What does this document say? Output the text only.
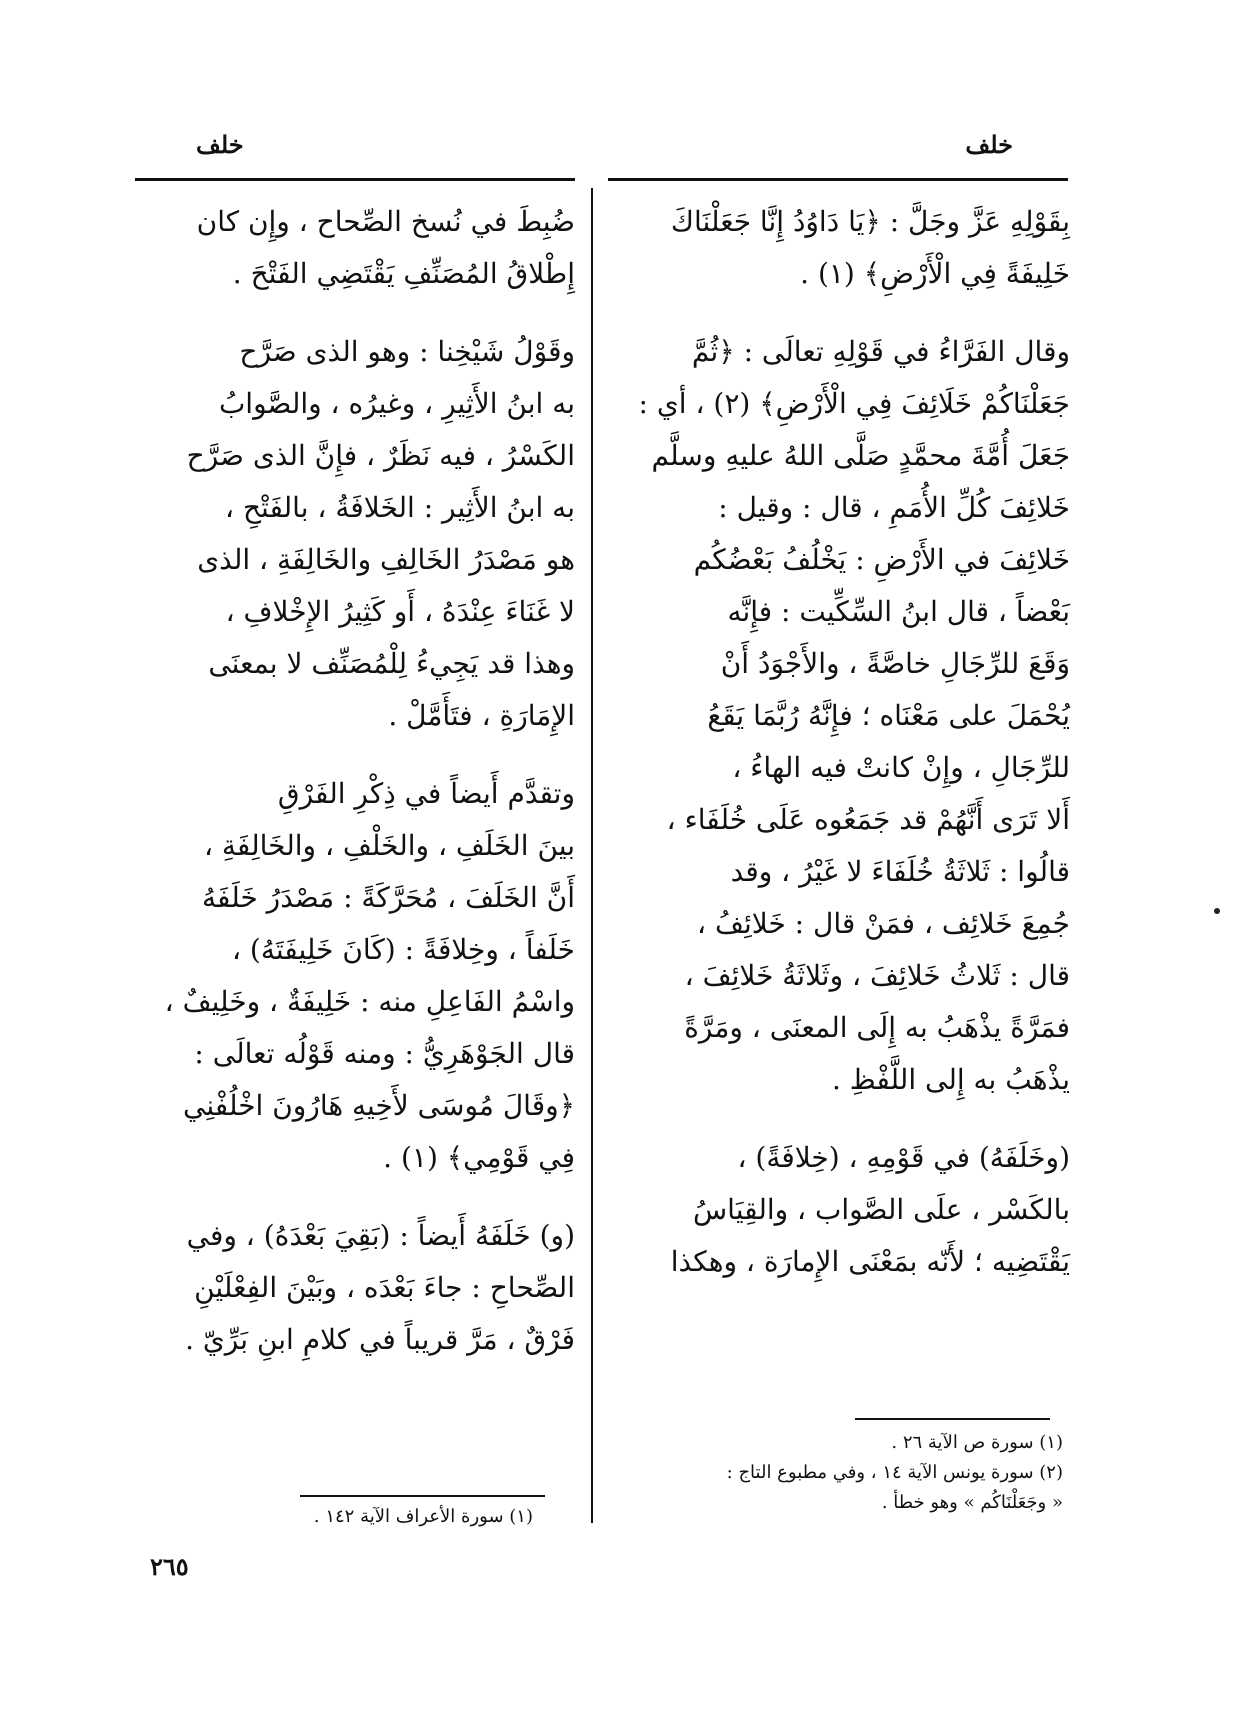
خلف
خلف
بِقَوْلِهِ عَزَّ وجَلَّ : ﴿يَا دَاوُدُ إِنَّا جَعَلْنَاكَ
خَلِيفَةً فِي الْأَرْضِ﴾ (١) .
وقال الفَرَّاءُ في قَوْلِهِ تعالَى : ﴿ثُمَّ
جَعَلْنَاكُمْ خَلَائِفَ فِي الْأَرْضِ﴾ (٢) ، أي :
جَعَلَ أُمَّةَ محمَّدٍ صَلَّى اللهُ عليهِ وسلَّم
خَلائِفَ كُلِّ الأُمَمِ ، قال : وقيل :
خَلائِفَ في الأَرْضِ : يَخْلُفُ بَعْضُكُم
بَعْضاً ، قال ابنُ السِّكِّيت : فإِنَّه
وَقَعَ للرِّجَالِ خاصَّةً ، والأَجْوَدُ أَنْ
يُحْمَلَ على مَعْنَاه ؛ فإِنَّهُ رُبَّمَا يَقَعُ
للرِّجَالِ ، وإِنْ كانتْ فيه الهاءُ ،
أَلا تَرَى أَنَّهُمْ قد جَمَعُوه عَلَى خُلَفَاء ،
قالُوا : ثَلاثَةُ خُلَفَاءَ لا غَيْرُ ، وقد
جُمِعَ خَلائِف ، فمَنْ قال : خَلائِفُ ،
قال : ثَلاثُ خَلائِفَ ، وثَلاثَةُ خَلائِفَ ،
فمَرَّةً يذْهَبُ به إِلَى المعنَى ، ومَرَّةً
يذْهَبُ به إِلى اللَّفْظِ .
(وخَلَفَهُ) في قَوْمِهِ ، (خِلافَةً) ،
بالكَسْر ، علَى الصَّواب ، والقِيَاسُ
يَقْتَضِيه ؛ لأَنّه بمَعْنَى الإِمارَة ، وهكذا
ضُبِطَ في نُسخ الصِّحاح ، وإِن كان
إِطْلاقُ المُصَنِّفِ يَقْتَضِي الفَتْحَ .
وقَوْلُ شَيْخِنا : وهو الذى صَرَّح
به ابنُ الأَثِيرِ ، وغيرُه ، والصَّوابُ
الكَسْرُ ، فيه نَظَرٌ ، فإِنَّ الذى صَرَّح
به ابنُ الأَثِير : الخَلافَةُ ، بالفَتْحِ ،
هو مَصْدَرُ الخَالِفِ والخَالِفَةِ ، الذى
لا غَنَاءَ عِنْدَهُ ، أَو كَثِيرُ الإِخْلافِ ،
وهذا قد يَجِيءُ لِلْمُصَنِّف لا بمعنَى
الإِمَارَةِ ، فتَأَمَّلْ .
وتقدَّم أَيضاً في ذِكْرِ الفَرْقِ
بينَ الخَلَفِ ، والخَلْفِ ، والخَالِفَةِ ،
أَنَّ الخَلَفَ ، مُحَرَّكَةً : مَصْدَرُ خَلَفَهُ
خَلَفاً ، وخِلافَةً : (كَانَ خَلِيفَتَهُ) ،
واسْمُ الفَاعِلِ منه : خَلِيفَةٌ ، وخَلِيفٌ ،
قال الجَوْهَرِيُّ : ومنه قَوْلُه تعالَى :
﴿وقَالَ مُوسَى لأَخِيهِ هَارُونَ اخْلُفْنِي
فِي قَوْمِي﴾ (١) .
(و) خَلَفَهُ أَيضاً : (بَقِيَ بَعْدَهُ) ، وفي
الصِّحاحِ : جاءَ بَعْدَه ، وبَيْنَ الفِعْلَيْنِ
فَرْقٌ ، مَرَّ قريباً في كلامِ ابنِ بَرِّيّ .
(١) سورة ص الآية ٢٦ .
(٢) سورة يونس الآية ١٤ ، وفي مطبوع التاج :
« وجَعَلْنَاكُم » وهو خطأ .
(١) سورة الأعراف الآية ١٤٢ .
٢٦٥
